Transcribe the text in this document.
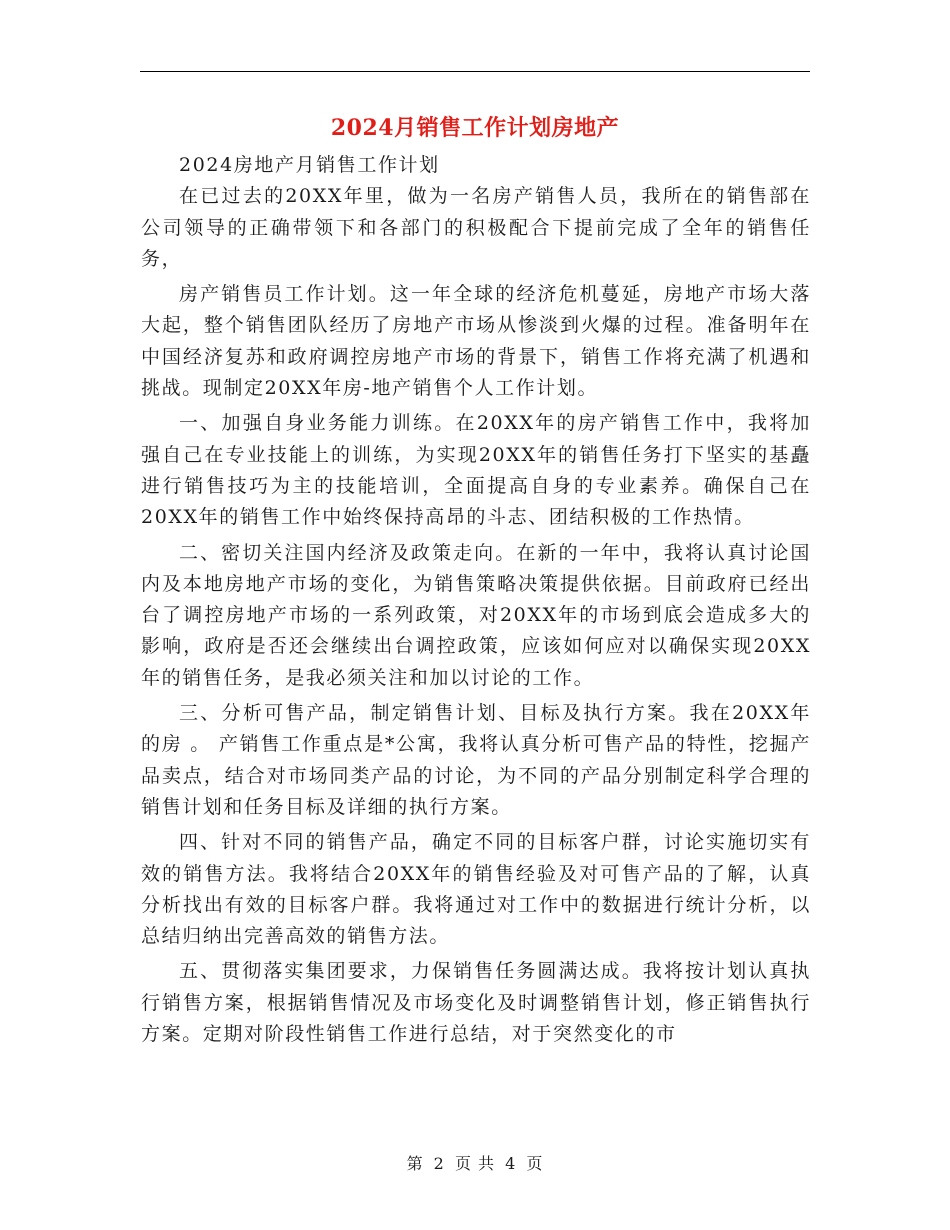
2024月销售工作计划房地产

2024房地产月销售工作计划

在已过去的20XX年里，做为一名房产销售人员，我所在的销售部在公司领导的正确带领下和各部门的积极配合下提前完成了全年的销售任务，

房产销售员工作计划。这一年全球的经济危机蔓延，房地产市场大落大起，整个销售团队经历了房地产市场从惨淡到火爆的过程。准备明年在中国经济复苏和政府调控房地产市场的背景下，销售工作将充满了机遇和挑战。现制定20XX年房-地产销售个人工作计划。

一、加强自身业务能力训练。在20XX年的房产销售工作中，我将加强自己在专业技能上的训练，为实现20XX年的销售任务打下坚实的基矗进行销售技巧为主的技能培训，全面提高自身的专业素养。确保自己在20XX年的销售工作中始终保持高昂的斗志、团结积极的工作热情。

二、密切关注国内经济及政策走向。在新的一年中，我将认真讨论国内及本地房地产市场的变化，为销售策略决策提供依据。目前政府已经出台了调控房地产市场的一系列政策，对20XX年的市场到底会造成多大的影响，政府是否还会继续出台调控政策，应该如何应对以确保实现20XX年的销售任务，是我必须关注和加以讨论的工作。

三、分析可售产品，制定销售计划、目标及执行方案。我在20XX年的房 。 产销售工作重点是*公寓，我将认真分析可售产品的特性，挖掘产品卖点，结合对市场同类产品的讨论，为不同的产品分别制定科学合理的销售计划和任务目标及详细的执行方案。

四、针对不同的销售产品，确定不同的目标客户群，讨论实施切实有效的销售方法。我将结合20XX年的销售经验及对可售产品的了解，认真分析找出有效的目标客户群。我将通过对工作中的数据进行统计分析，以总结归纳出完善高效的销售方法。

五、贯彻落实集团要求，力保销售任务圆满达成。我将按计划认真执行销售方案，根据销售情况及市场变化及时调整销售计划，修正销售执行方案。定期对阶段性销售工作进行总结，对于突然变化的市

第 2 页 共 4 页
